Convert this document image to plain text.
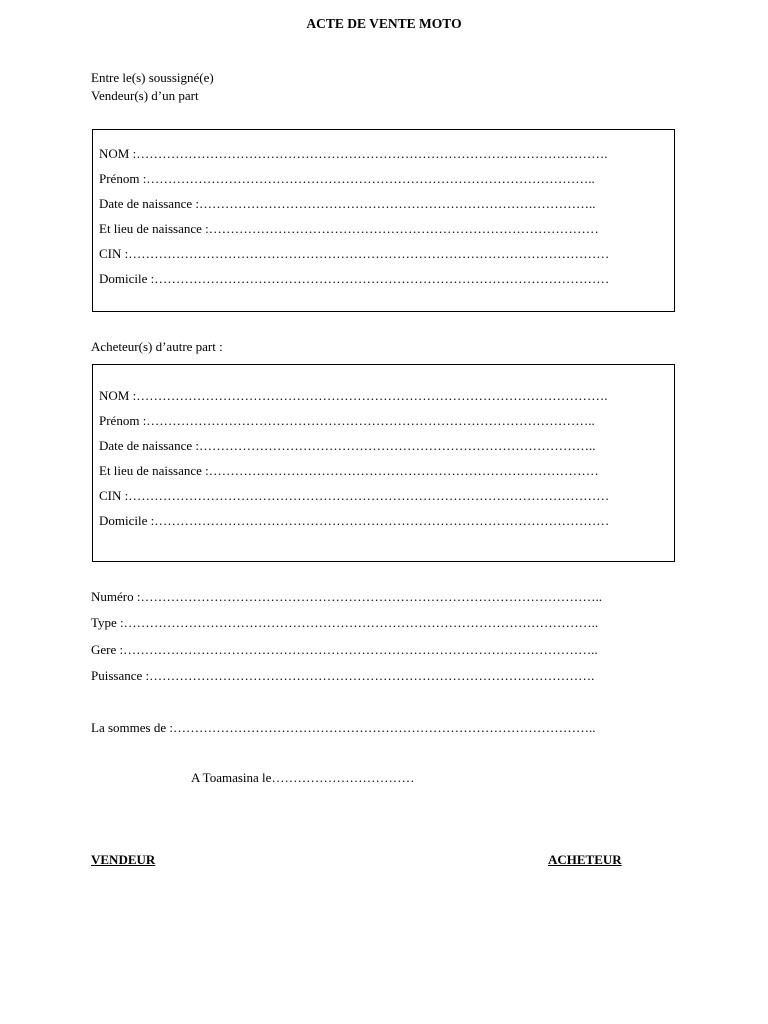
ACTE DE VENTE MOTO
Entre le(s) soussigné(e)
Vendeur(s) d’un part
NOM :……………………………………………………………………………………………….
Prénom :…………………………………………………………………………………………..
Date de naissance :………………………………………………………………………………..
Et lieu de naissance :………………………………………………………………………………
CIN :…………………………………………………………………………………………………
Domicile :……………………………………………………………………………………………
Acheteur(s) d’autre part :
NOM :……………………………………………………………………………………………….
Prénom :…………………………………………………………………………………………..
Date de naissance :………………………………………………………………………………..
Et lieu de naissance :………………………………………………………………………………
CIN :…………………………………………………………………………………………………
Domicile :……………………………………………………………………………………………
Numéro :……………………………………………………………………………………………..
Type :………………………………………………………………………………………………..
Gere :………………………………………………………………………………………………..
Puissance :………………………………………………………………………………………….
La sommes de :……………………………………………………………………………………..
A Toamasina le……………………………
VENDEUR	ACHETEUR
